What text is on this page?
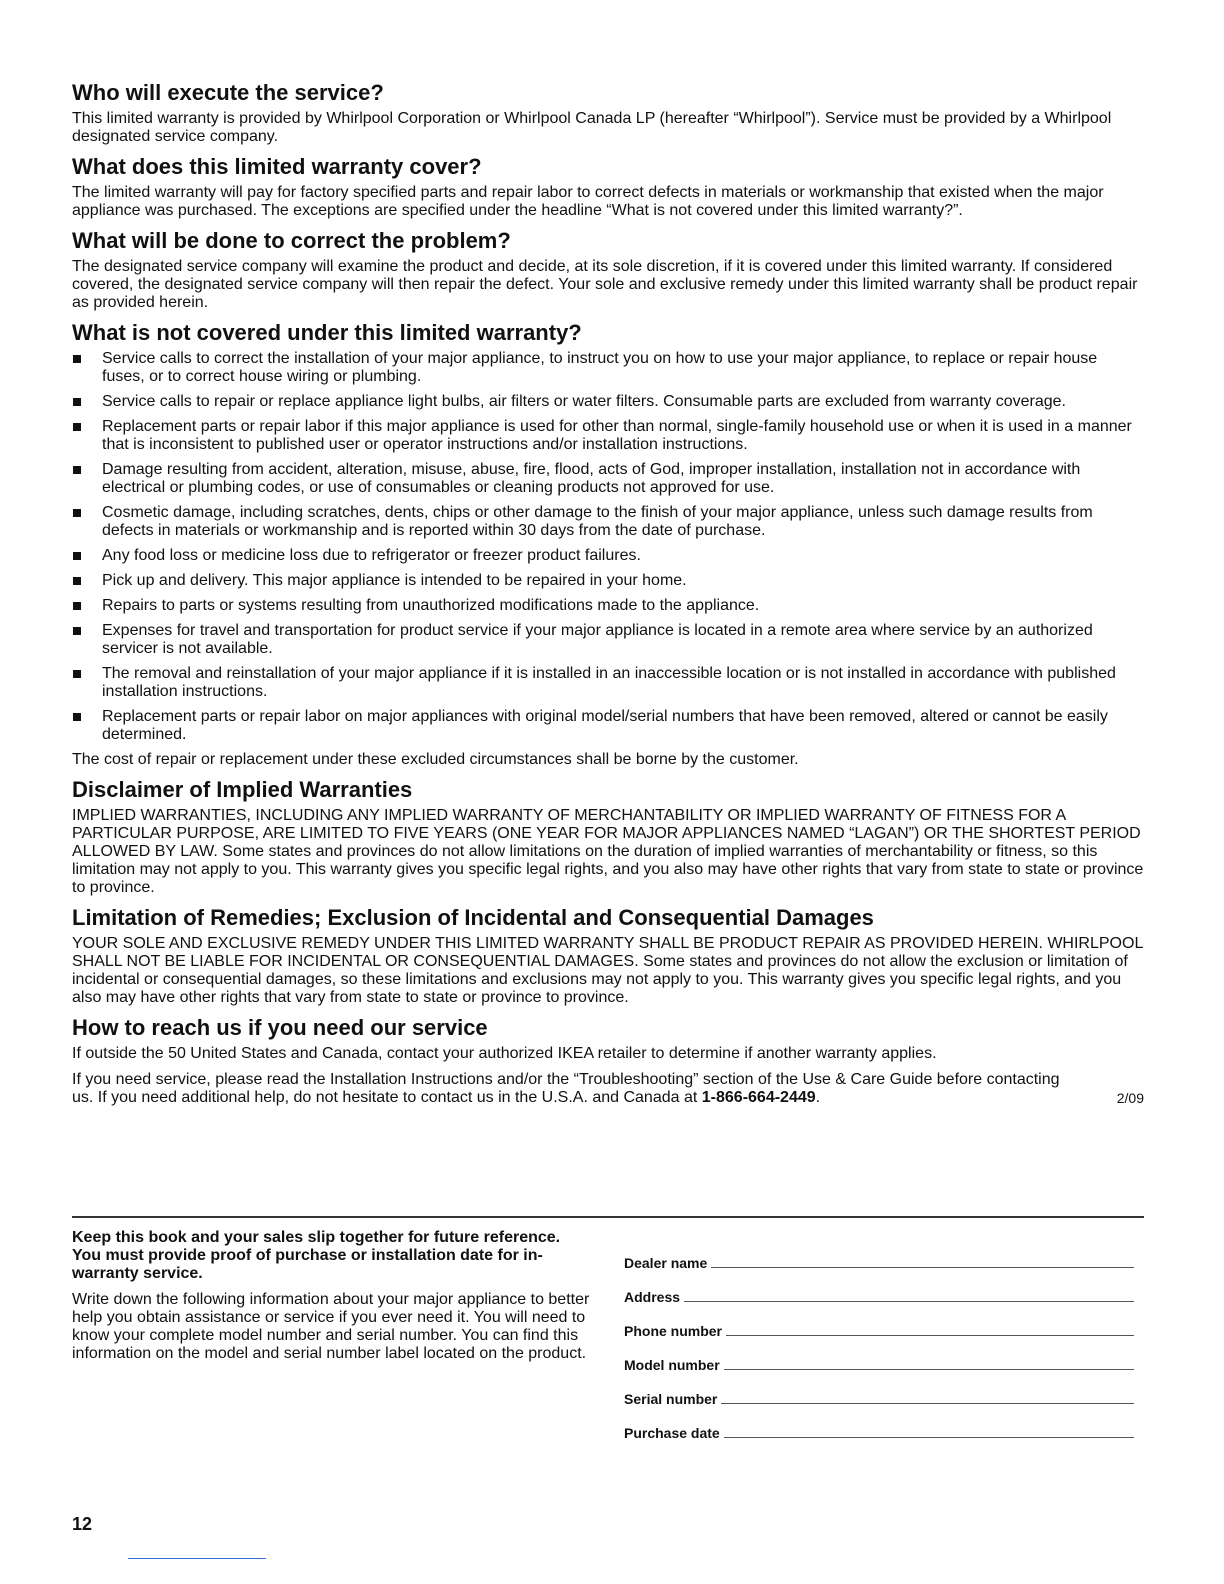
Who will execute the service?

This limited warranty is provided by Whirlpool Corporation or Whirlpool Canada LP (hereafter “Whirlpool”). Service must be provided by a Whirlpool designated service company.

What does this limited warranty cover?

The limited warranty will pay for factory specified parts and repair labor to correct defects in materials or workmanship that existed when the major appliance was purchased. The exceptions are specified under the headline “What is not covered under this limited warranty?”.

What will be done to correct the problem?

The designated service company will examine the product and decide, at its sole discretion, if it is covered under this limited warranty. If considered covered, the designated service company will then repair the defect. Your sole and exclusive remedy under this limited warranty shall be product repair as provided herein.

What is not covered under this limited warranty?
Service calls to correct the installation of your major appliance, to instruct you on how to use your major appliance, to replace or repair house fuses, or to correct house wiring or plumbing.
Service calls to repair or replace appliance light bulbs, air filters or water filters. Consumable parts are excluded from warranty coverage.
Replacement parts or repair labor if this major appliance is used for other than normal, single-family household use or when it is used in a manner that is inconsistent to published user or operator instructions and/or installation instructions.
Damage resulting from accident, alteration, misuse, abuse, fire, flood, acts of God, improper installation, installation not in accordance with electrical or plumbing codes, or use of consumables or cleaning products not approved for use.
Cosmetic damage, including scratches, dents, chips or other damage to the finish of your major appliance, unless such damage results from defects in materials or workmanship and is reported within 30 days from the date of purchase.
Any food loss or medicine loss due to refrigerator or freezer product failures.
Pick up and delivery. This major appliance is intended to be repaired in your home.
Repairs to parts or systems resulting from unauthorized modifications made to the appliance.
Expenses for travel and transportation for product service if your major appliance is located in a remote area where service by an authorized servicer is not available.
The removal and reinstallation of your major appliance if it is installed in an inaccessible location or is not installed in accordance with published installation instructions.
Replacement parts or repair labor on major appliances with original model/serial numbers that have been removed, altered or cannot be easily determined.

The cost of repair or replacement under these excluded circumstances shall be borne by the customer.

Disclaimer of Implied Warranties

IMPLIED WARRANTIES, INCLUDING ANY IMPLIED WARRANTY OF MERCHANTABILITY OR IMPLIED WARRANTY OF FITNESS FOR A PARTICULAR PURPOSE, ARE LIMITED TO FIVE YEARS (ONE YEAR FOR MAJOR APPLIANCES NAMED “LAGAN”) OR THE SHORTEST PERIOD ALLOWED BY LAW. Some states and provinces do not allow limitations on the duration of implied warranties of merchantability or fitness, so this limitation may not apply to you. This warranty gives you specific legal rights, and you also may have other rights that vary from state to state or province to province.

Limitation of Remedies; Exclusion of Incidental and Consequential Damages

YOUR SOLE AND EXCLUSIVE REMEDY UNDER THIS LIMITED WARRANTY SHALL BE PRODUCT REPAIR AS PROVIDED HEREIN. WHIRLPOOL SHALL NOT BE LIABLE FOR INCIDENTAL OR CONSEQUENTIAL DAMAGES. Some states and provinces do not allow the exclusion or limitation of incidental or consequential damages, so these limitations and exclusions may not apply to you. This warranty gives you specific legal rights, and you also may have other rights that vary from state to state or province to province.

How to reach us if you need our service

If outside the 50 United States and Canada, contact your authorized IKEA retailer to determine if another warranty applies.

If you need service, please read the Installation Instructions and/or the “Troubleshooting” section of the Use & Care Guide before contacting us. If you need additional help, do not hesitate to contact us in the U.S.A. and Canada at 1-866-664-2449.	2/09

Keep this book and your sales slip together for future reference. You must provide proof of purchase or installation date for in-warranty service.

Write down the following information about your major appliance to better help you obtain assistance or service if you ever need it. You will need to know your complete model number and serial number. You can find this information on the model and serial number label located on the product.

Dealer name
Address
Phone number
Model number
Serial number
Purchase date
12
